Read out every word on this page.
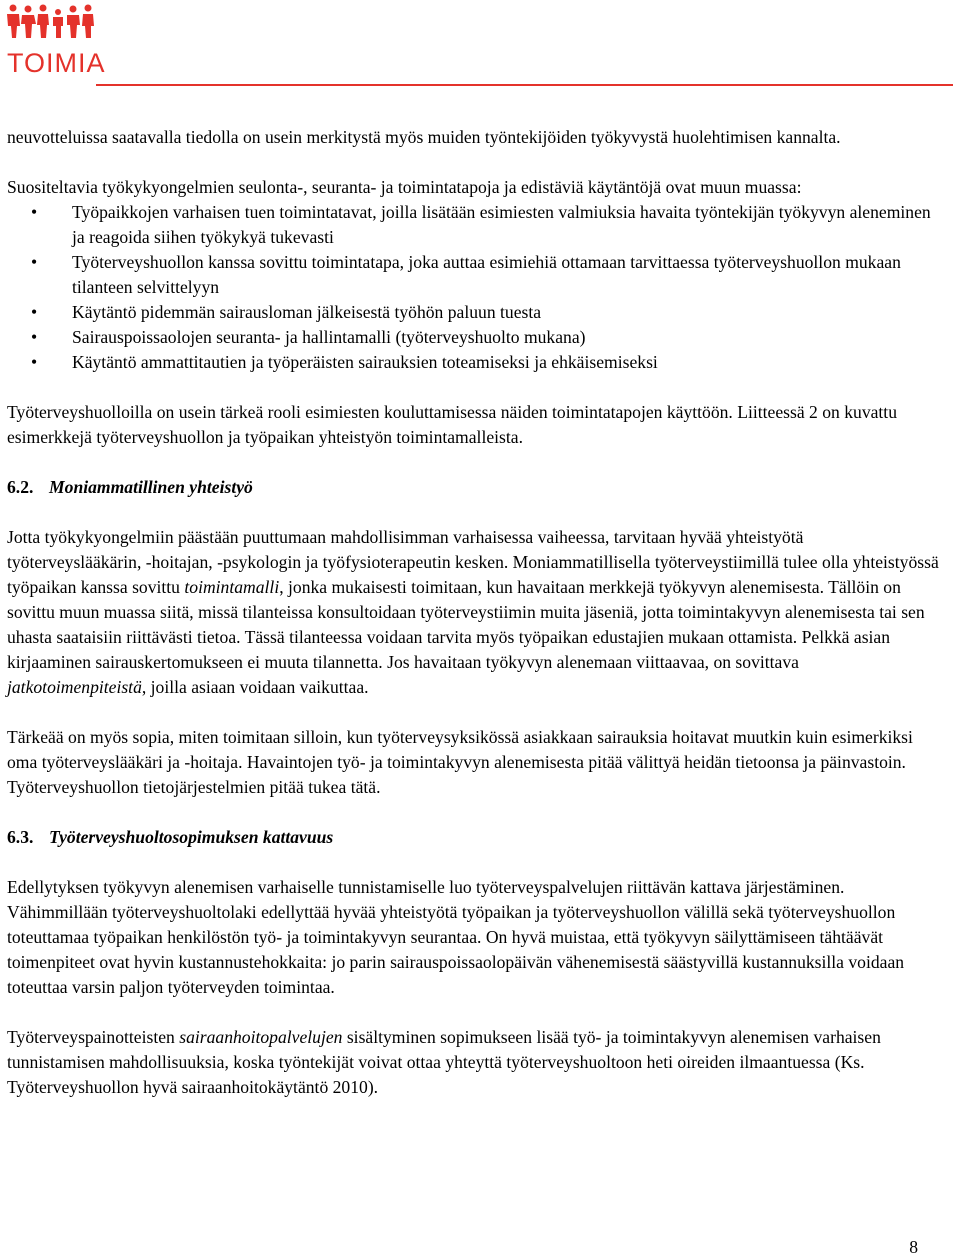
TOIMIA

neuvotteluissa saatavalla tiedolla on usein merkitystä myös muiden työntekijöiden työkyvystä huolehtimisen kannalta.

Suositeltavia työkykyongelmien seulonta-, seuranta- ja toimintatapoja ja edistäviä käytäntöjä ovat muun muassa:

• Työpaikkojen varhaisen tuen toimintatavat, joilla lisätään esimiesten valmiuksia havaita työntekijän työkyvyn aleneminen ja reagoida siihen työkykyä tukevasti
• Työterveyshuollon kanssa sovittu toimintatapa, joka auttaa esimiehiä ottamaan tarvittaessa työterveyshuollon mukaan tilanteen selvittelyyn
• Käytäntö pidemmän sairausloman jälkeisestä työhön paluun tuesta
• Sairauspoissaolojen seuranta- ja hallintamalli (työterveyshuolto mukana)
• Käytäntö ammattitautien ja työperäisten sairauksien toteamiseksi ja ehkäisemiseksi

Työterveyshuolloilla on usein tärkeä rooli esimiesten kouluttamisessa näiden toimintatapojen käyttöön. Liitteessä 2 on kuvattu esimerkkejä työterveyshuollon ja työpaikan yhteistyön toimintamalleista.

6.2. Moniammatillinen yhteistyö

Jotta työkykyongelmiin päästään puuttumaan mahdollisimman varhaisessa vaiheessa, tarvitaan hyvää yhteistyötä työterveyslääkärin, -hoitajan, -psykologin ja työfysioterapeutin kesken. Moniammatillisella työterveystiimillä tulee olla yhteistyössä työpaikan kanssa sovittu toimintamalli, jonka mukaisesti toimitaan, kun havaitaan merkkejä työkyvyn alenemisesta. Tällöin on sovittu muun muassa siitä, missä tilanteissa konsultoidaan työterveystiimin muita jäseniä, jotta toimintakyvyn alenemisesta tai sen uhasta saataisiin riittävästi tietoa. Tässä tilanteessa voidaan tarvita myös työpaikan edustajien mukaan ottamista. Pelkkä asian kirjaaminen sairauskertomukseen ei muuta tilannetta. Jos havaitaan työkyvyn alenemaan viittaavaa, on sovittava jatkotoimenpiteistä, joilla asiaan voidaan vaikuttaa.

Tärkeää on myös sopia, miten toimitaan silloin, kun työterveysyksikössä asiakkaan sairauksia hoitavat muutkin kuin esimerkiksi oma työterveyslääkäri ja -hoitaja. Havaintojen työ- ja toimintakyvyn alenemisesta pitää välittyä heidän tietoonsa ja päinvastoin. Työterveyshuollon tietojärjestelmien pitää tukea tätä.

6.3. Työterveyshuoltosopimuksen kattavuus

Edellytyksen työkyvyn alenemisen varhaiselle tunnistamiselle luo työterveyspalvelujen riittävän kattava järjestäminen. Vähimmillään työterveyshuoltolaki edellyttää hyvää yhteistyötä työpaikan ja työterveyshuollon välillä sekä työterveyshuollon toteuttamaa työpaikan henkilöstön työ- ja toimintakyvyn seurantaa. On hyvä muistaa, että työkyvyn säilyttämiseen tähtäävät toimenpiteet ovat hyvin kustannustehokkaita: jo parin sairauspoissaolopäivän vähenemisestä säästyvillä kustannuksilla voidaan toteuttaa varsin paljon työterveyden toimintaa.

Työterveyspainotteisten sairaanhoitopalvelujen sisältyminen sopimukseen lisää työ- ja toimintakyvyn alenemisen varhaisen tunnistamisen mahdollisuuksia, koska työntekijät voivat ottaa yhteyttä työterveyshuoltoon heti oireiden ilmaantuessa (Ks. Työterveyshuollon hyvä sairaanhoitokäytäntö 2010).

8
